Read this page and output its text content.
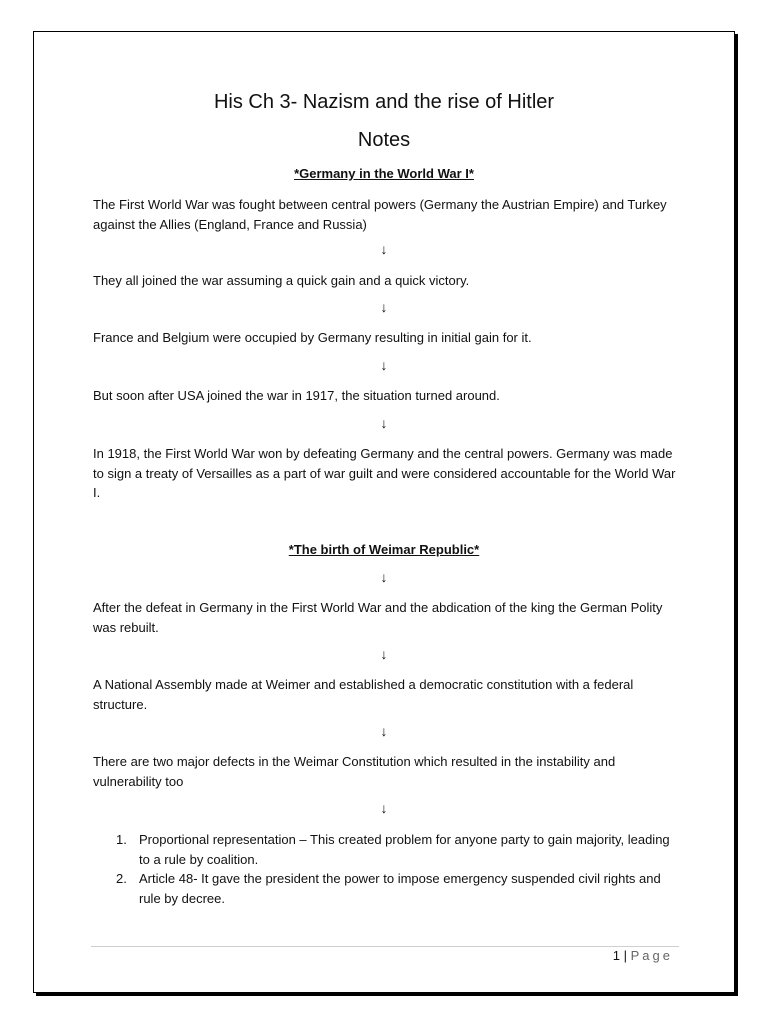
His Ch 3- Nazism and the rise of Hitler
Notes
*Germany in the World War I*
The First World War was fought between central powers (Germany the Austrian Empire) and Turkey against the Allies (England, France and Russia)
↓
They all joined the war assuming a quick gain and a quick victory.
↓
France and Belgium were occupied by Germany resulting in initial gain for it.
↓
But soon after USA joined the war in 1917, the situation turned around.
↓
In 1918, the First World War won by defeating Germany and the central powers. Germany was made to sign a treaty of Versailles as a part of war guilt and were considered accountable for the World War I.
*The birth of Weimar Republic*
↓
After the defeat in Germany in the First World War and the abdication of the king the German Polity was rebuilt.
↓
A National Assembly made at Weimer and established a democratic constitution with a federal structure.
↓
There are two major defects in the Weimar Constitution which resulted in the instability and vulnerability too
↓
1. Proportional representation – This created problem for anyone party to gain majority, leading to a rule by coalition.
2. Article 48- It gave the president the power to impose emergency suspended civil rights and rule by decree.
1 | Page
